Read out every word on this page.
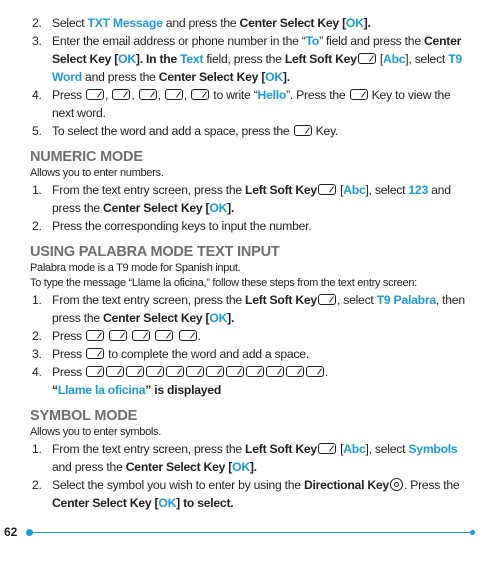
2. Select TXT Message and press the Center Select Key [OK].
3. Enter the email address or phone number in the “To” field and press the Center Select Key [OK]. In the Text field, press the Left Soft Key [Abc], select T9 Word and press the Center Select Key [OK].
4. Press , , , ,  to write “Hello”. Press the  Key to view the next word.
5. To select the word and add a space, press the  Key.
NUMERIC MODE
Allows you to enter numbers.
1. From the text entry screen, press the Left Soft Key [Abc], select 123 and press the Center Select Key [OK].
2. Press the corresponding keys to input the number.
USING PALABRA MODE TEXT INPUT
Palabra mode is a T9 mode for Spanish input.
To type the message “Llame la oficina,” follow these steps from the text entry screen:
1. From the text entry screen, press the Left Soft Key , select T9 Palabra, then press the Center Select Key [OK].
2. Press	.
3. Press  to complete the word and add a space.
4. Press	.
“Llame la oficina” is displayed
SYMBOL MODE
Allows you to enter symbols.
1. From the text entry screen, press the Left Soft Key [Abc], select Symbols and press the Center Select Key [OK].
2. Select the symbol you wish to enter by using the Directional Key . Press the Center Select Key [OK] to select.
62
